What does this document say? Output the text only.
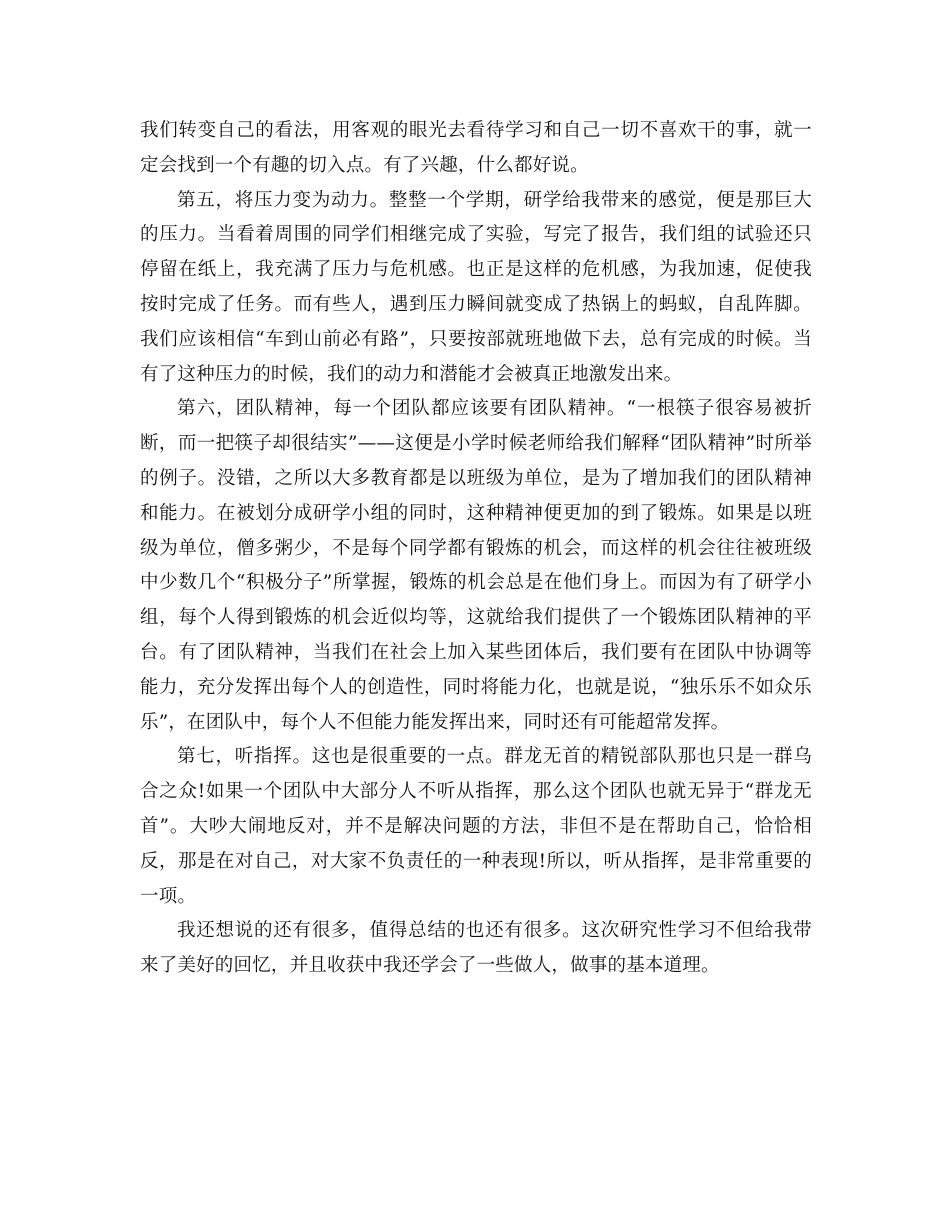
我们转变自己的看法，用客观的眼光去看待学习和自己一切不喜欢干的事，就一定会找到一个有趣的切入点。有了兴趣，什么都好说。

第五，将压力变为动力。整整一个学期，研学给我带来的感觉，便是那巨大的压力。当看着周围的同学们相继完成了实验，写完了报告，我们组的试验还只停留在纸上，我充满了压力与危机感。也正是这样的危机感，为我加速，促使我按时完成了任务。而有些人，遇到压力瞬间就变成了热锅上的蚂蚁，自乱阵脚。我们应该相信“车到山前必有路”，只要按部就班地做下去，总有完成的时候。当有了这种压力的时候，我们的动力和潜能才会被真正地激发出来。

第六，团队精神，每一个团队都应该要有团队精神。“一根筷子很容易被折断，而一把筷子却很结实”——这便是小学时候老师给我们解释“团队精神”时所举的例子。没错，之所以大多教育都是以班级为单位，是为了增加我们的团队精神和能力。在被划分成研学小组的同时，这种精神便更加的到了锻炼。如果是以班级为单位，僧多粥少，不是每个同学都有锻炼的机会，而这样的机会往往被班级中少数几个“积极分子”所掌握，锻炼的机会总是在他们身上。而因为有了研学小组，每个人得到锻炼的机会近似均等，这就给我们提供了一个锻炼团队精神的平台。有了团队精神，当我们在社会上加入某些团体后，我们要有在团队中协调等能力，充分发挥出每个人的创造性，同时将能力化，也就是说，“独乐乐不如众乐乐”，在团队中，每个人不但能力能发挥出来，同时还有可能超常发挥。

第七，听指挥。这也是很重要的一点。群龙无首的精锐部队那也只是一群乌合之众!如果一个团队中大部分人不听从指挥，那么这个团队也就无异于“群龙无首”。大吵大闹地反对，并不是解决问题的方法，非但不是在帮助自己，恰恰相反，那是在对自己，对大家不负责任的一种表现!所以，听从指挥，是非常重要的一项。

我还想说的还有很多，值得总结的也还有很多。这次研究性学习不但给我带来了美好的回忆，并且收获中我还学会了一些做人，做事的基本道理。
